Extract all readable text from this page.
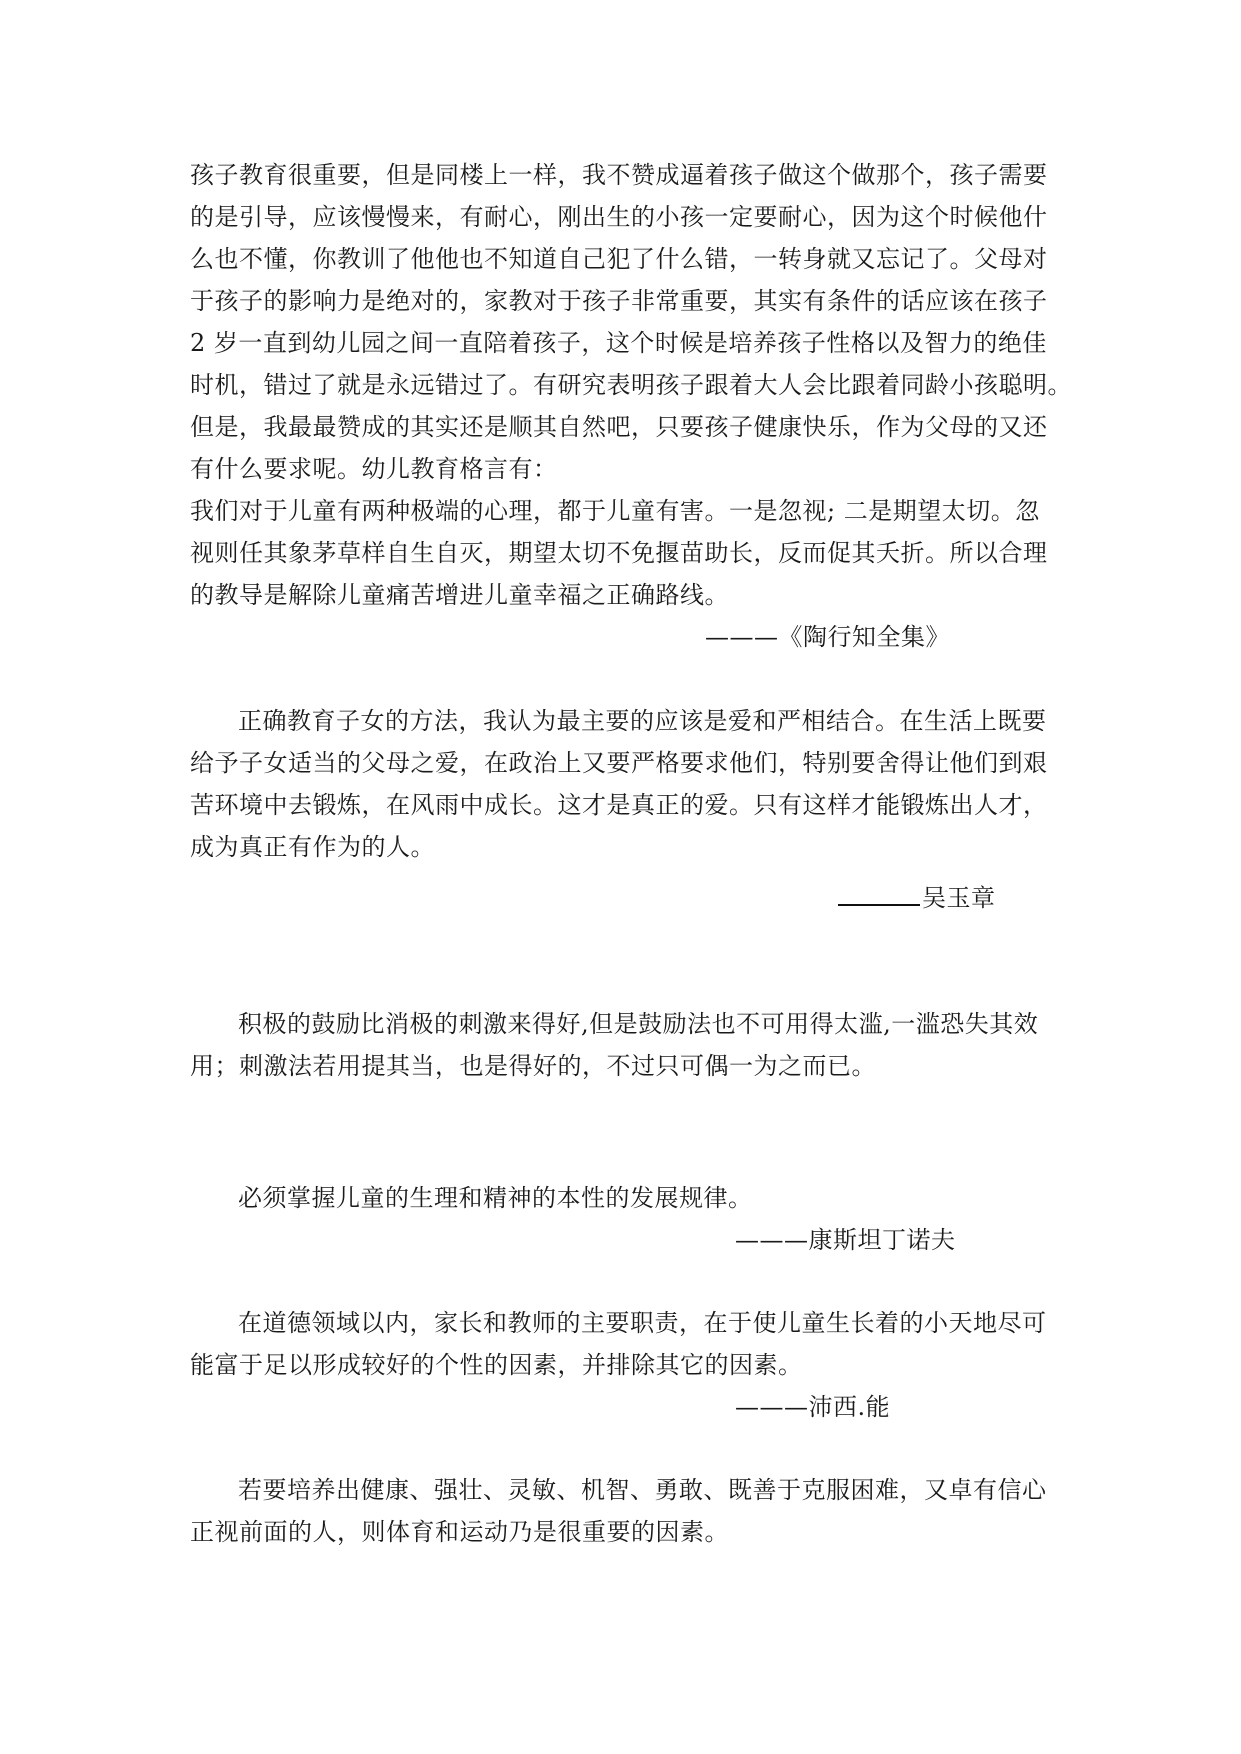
孩子教育很重要，但是同楼上一样，我不赞成逼着孩子做这个做那个，孩子需要
的是引导，应该慢慢来，有耐心，刚出生的小孩一定要耐心，因为这个时候他什
么也不懂，你教训了他他也不知道自己犯了什么错，一转身就又忘记了。父母对
于孩子的影响力是绝对的，家教对于孩子非常重要，其实有条件的话应该在孩子
2 岁一直到幼儿园之间一直陪着孩子，这个时候是培养孩子性格以及智力的绝佳
时机，错过了就是永远错过了。有研究表明孩子跟着大人会比跟着同龄小孩聪明。
但是，我最最赞成的其实还是顺其自然吧，只要孩子健康快乐，作为父母的又还
有什么要求呢。幼儿教育格言有：
我们对于儿童有两种极端的心理，都于儿童有害。一是忽视; 二是期望太切。忽
视则任其象茅草样自生自灭，期望太切不免揠苗助长，反而促其夭折。所以合理
的教导是解除儿童痛苦增进儿童幸福之正确路线。
———《陶行知全集》
正确教育子女的方法，我认为最主要的应该是爱和严相结合。在生活上既要
给予子女适当的父母之爱，在政治上又要严格要求他们，特别要舍得让他们到艰
苦环境中去锻炼，在风雨中成长。这才是真正的爱。只有这样才能锻炼出人才，
成为真正有作为的人。
吴玉章
积极的鼓励比消极的刺激来得好,但是鼓励法也不可用得太滥,一滥恐失其效
用；刺激法若用提其当，也是得好的，不过只可偶一为之而已。
必须掌握儿童的生理和精神的本性的发展规律。
———康斯坦丁诺夫
在道德领域以内，家长和教师的主要职责，在于使儿童生长着的小天地尽可
能富于足以形成较好的个性的因素，并排除其它的因素。
———沛西.能
若要培养出健康、强壮、灵敏、机智、勇敢、既善于克服困难，又卓有信心
正视前面的人，则体育和运动乃是很重要的因素。
